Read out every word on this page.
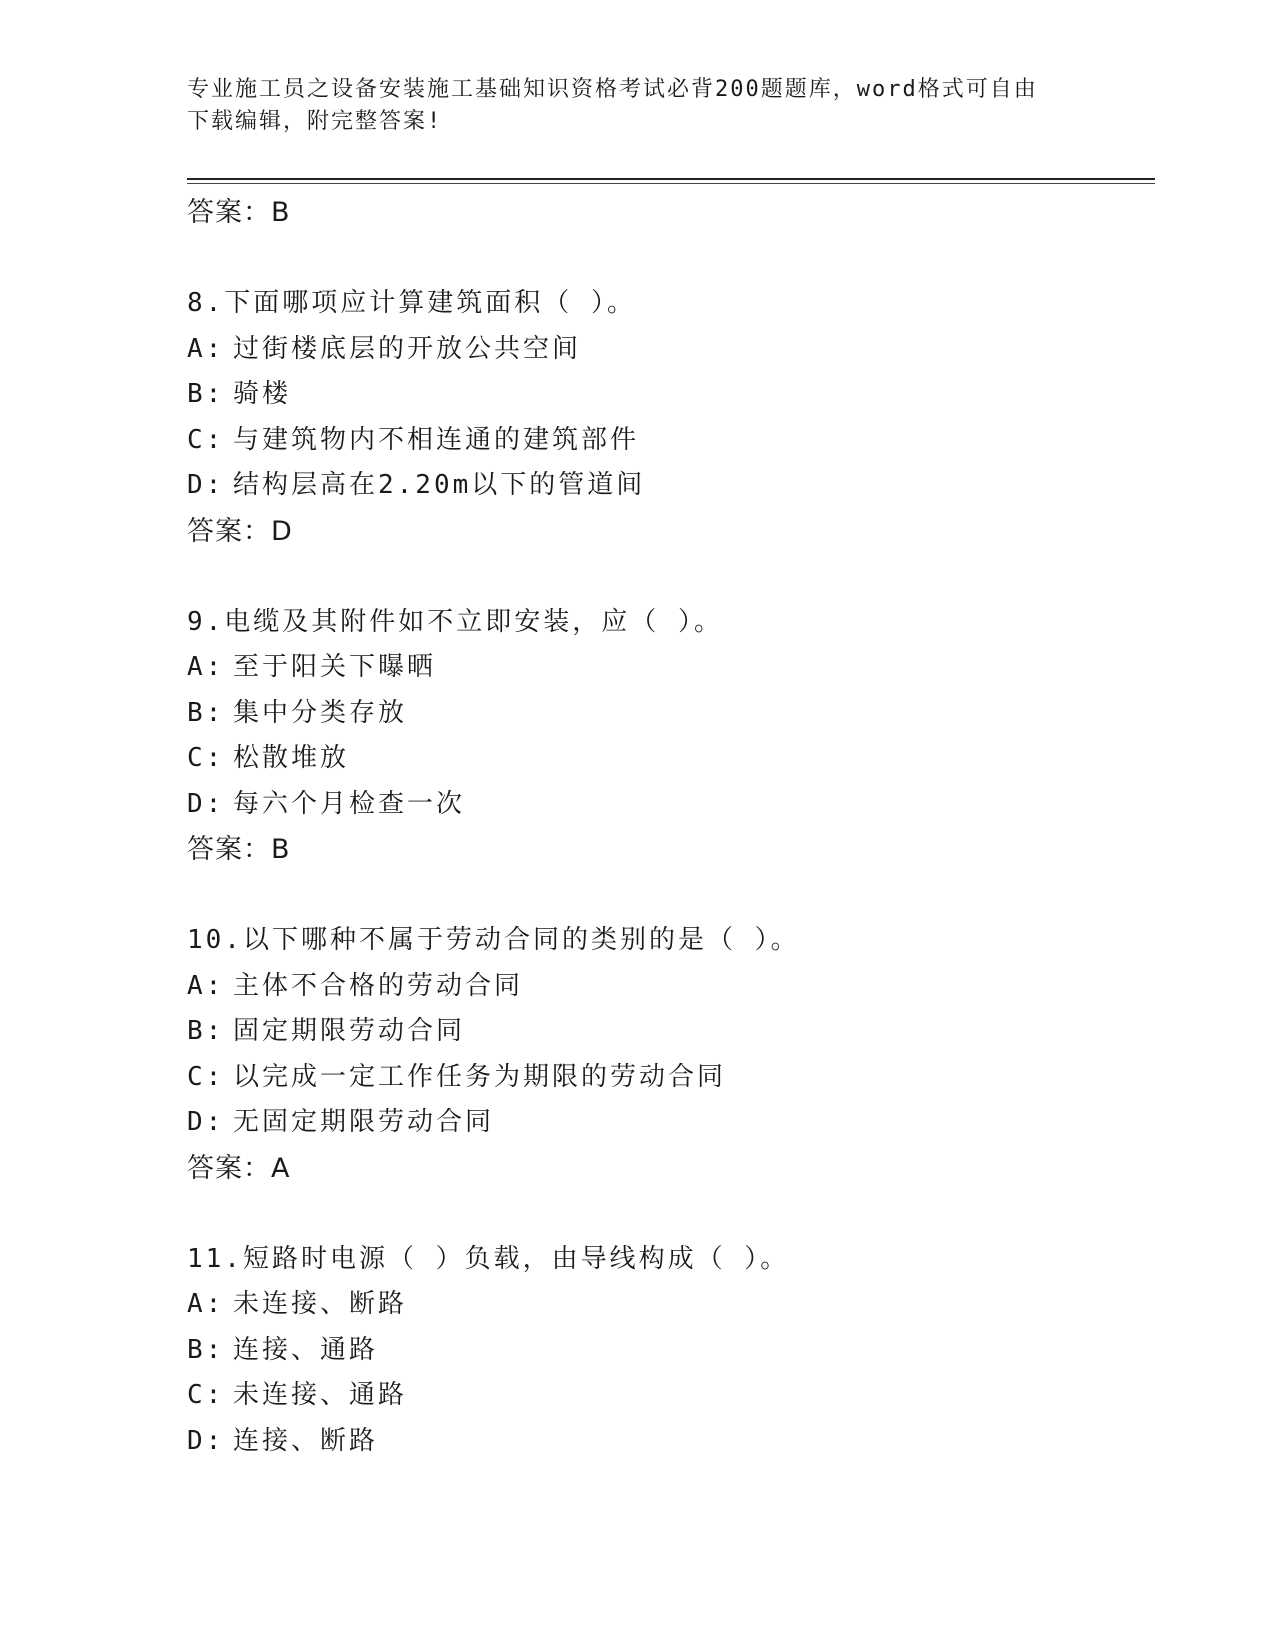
专业施工员之设备安装施工基础知识资格考试必背200题题库，word格式可自由
下载编辑，附完整答案!
答案：B
8.下面哪项应计算建筑面积（ ）。
A: 过街楼底层的开放公共空间
B: 骑楼
C: 与建筑物内不相连通的建筑部件
D: 结构层高在2.20m以下的管道间
答案：D
9.电缆及其附件如不立即安装，应（ ）。
A: 至于阳关下曝晒
B: 集中分类存放
C: 松散堆放
D: 每六个月检查一次
答案：B
10.以下哪种不属于劳动合同的类别的是（ ）。
A: 主体不合格的劳动合同
B: 固定期限劳动合同
C: 以完成一定工作任务为期限的劳动合同
D: 无固定期限劳动合同
答案：A
11.短路时电源（ ）负载，由导线构成（ ）。
A: 未连接、断路
B: 连接、通路
C: 未连接、通路
D: 连接、断路
